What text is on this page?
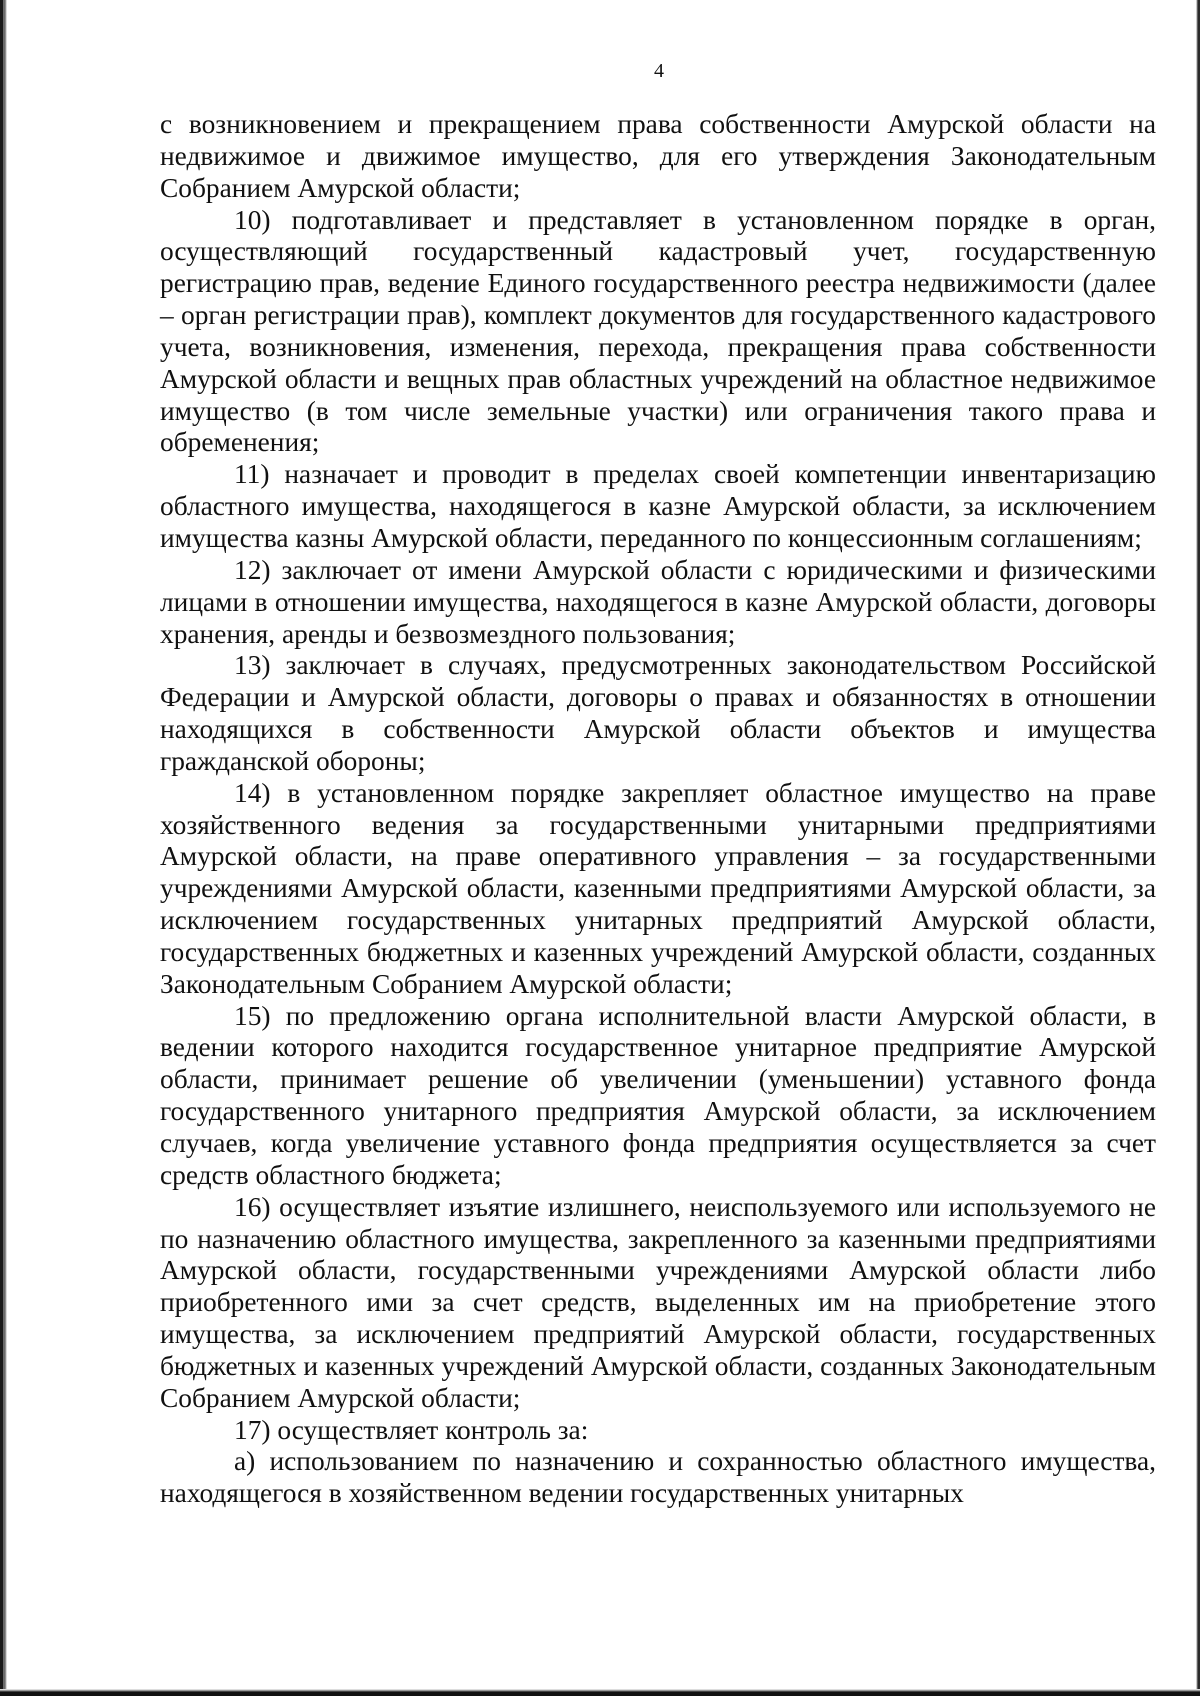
4

с возникновением и прекращением права собственности Амурской области на недвижимое и движимое имущество, для его утверждения Законодательным Собранием Амурской области;

10) подготавливает и представляет в установленном порядке в орган, осуществляющий государственный кадастровый учет, государственную регистрацию прав, ведение Единого государственного реестра недвижимости (далее – орган регистрации прав), комплект документов для государственного кадастрового учета, возникновения, изменения, перехода, прекращения права собственности Амурской области и вещных прав областных учреждений на областное недвижимое имущество (в том числе земельные участки) или ограничения такого права и обременения;

11) назначает и проводит в пределах своей компетенции инвентаризацию областного имущества, находящегося в казне Амурской области, за исключением имущества казны Амурской области, переданного по концессионным соглашениям;

12) заключает от имени Амурской области с юридическими и физическими лицами в отношении имущества, находящегося в казне Амурской области, договоры хранения, аренды и безвозмездного пользования;

13) заключает в случаях, предусмотренных законодательством Российской Федерации и Амурской области, договоры о правах и обязанностях в отношении находящихся в собственности Амурской области объектов и имущества гражданской обороны;

14) в установленном порядке закрепляет областное имущество на праве хозяйственного ведения за государственными унитарными предприятиями Амурской области, на праве оперативного управления – за государственными учреждениями Амурской области, казенными предприятиями Амурской области, за исключением государственных унитарных предприятий Амурской области, государственных бюджетных и казенных учреждений Амурской области, созданных Законодательным Собранием Амурской области;

15) по предложению органа исполнительной власти Амурской области, в ведении которого находится государственное унитарное предприятие Амурской области, принимает решение об увеличении (уменьшении) уставного фонда государственного унитарного предприятия Амурской области, за исключением случаев, когда увеличение уставного фонда предприятия осуществляется за счет средств областного бюджета;

16) осуществляет изъятие излишнего, неиспользуемого или используемого не по назначению областного имущества, закрепленного за казенными предприятиями Амурской области, государственными учреждениями Амурской области либо приобретенного ими за счет средств, выделенных им на приобретение этого имущества, за исключением предприятий Амурской области, государственных бюджетных и казенных учреждений Амурской области, созданных Законодательным Собранием Амурской области;

17) осуществляет контроль за:

а) использованием по назначению и сохранностью областного имущества, находящегося в хозяйственном ведении государственных унитарных
